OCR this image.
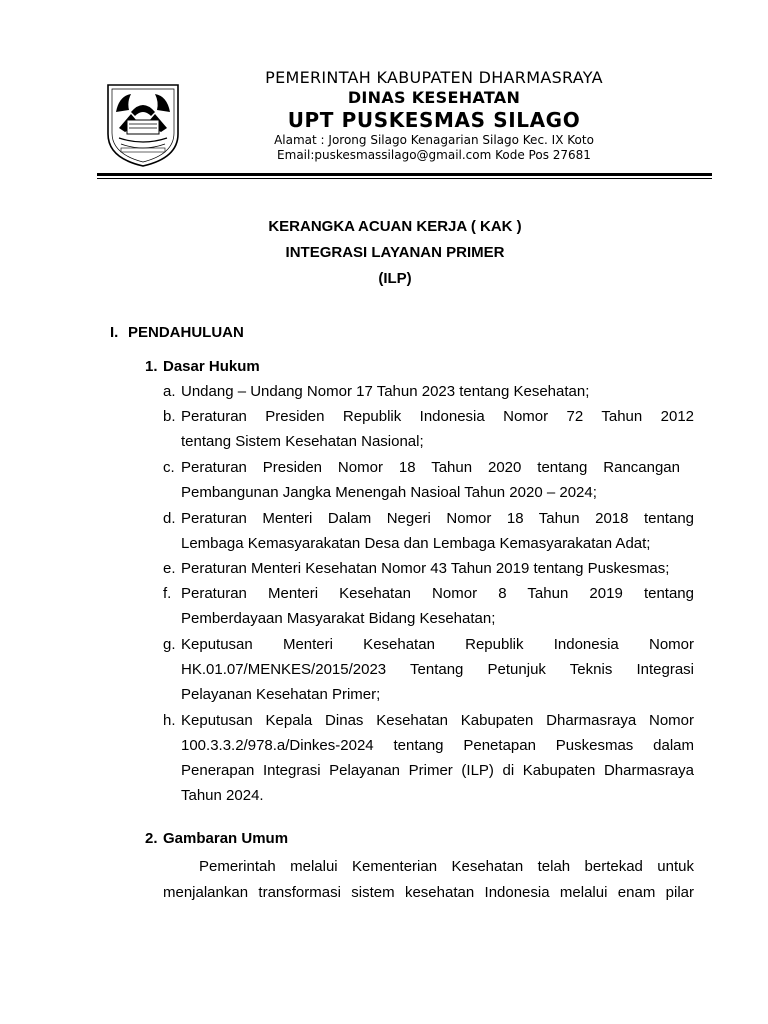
PEMERINTAH KABUPATEN DHARMASRAYA
DINAS KESEHATAN
UPT PUSKESMAS SILAGO
Alamat : Jorong Silago Kenagarian Silago Kec. IX Koto
Email:puskesmassilago@gmail.com Kode Pos 27681
KERANGKA ACUAN KERJA ( KAK )
INTEGRASI LAYANAN PRIMER
(ILP)
I. PENDAHULUAN
1. Dasar Hukum
a. Undang – Undang Nomor 17 Tahun 2023 tentang Kesehatan;
b. Peraturan Presiden Republik Indonesia Nomor 72 Tahun 2012
tentang Sistem Kesehatan Nasional;
c. Peraturan Presiden Nomor 18 Tahun 2020 tentang Rancangan
Pembangunan Jangka Menengah Nasioal Tahun 2020 – 2024;
d. Peraturan Menteri Dalam Negeri Nomor 18 Tahun 2018 tentang
Lembaga Kemasyarakatan Desa dan Lembaga Kemasyarakatan Adat;
e. Peraturan Menteri Kesehatan Nomor 43 Tahun 2019 tentang Puskesmas;
f. Peraturan Menteri Kesehatan Nomor 8 Tahun 2019 tentang
Pemberdayaan Masyarakat Bidang Kesehatan;
g. Keputusan Menteri Kesehatan Republik Indonesia Nomor
HK.01.07/MENKES/2015/2023 Tentang Petunjuk Teknis Integrasi
Pelayanan Kesehatan Primer;
h. Keputusan Kepala Dinas Kesehatan Kabupaten Dharmasraya Nomor
100.3.3.2/978.a/Dinkes-2024 tentang Penetapan Puskesmas dalam
Penerapan Integrasi Pelayanan Primer (ILP) di Kabupaten Dharmasraya
Tahun 2024.
2. Gambaran Umum
Pemerintah melalui Kementerian Kesehatan telah bertekad untuk
menjalankan transformasi sistem kesehatan Indonesia melalui enam pilar
